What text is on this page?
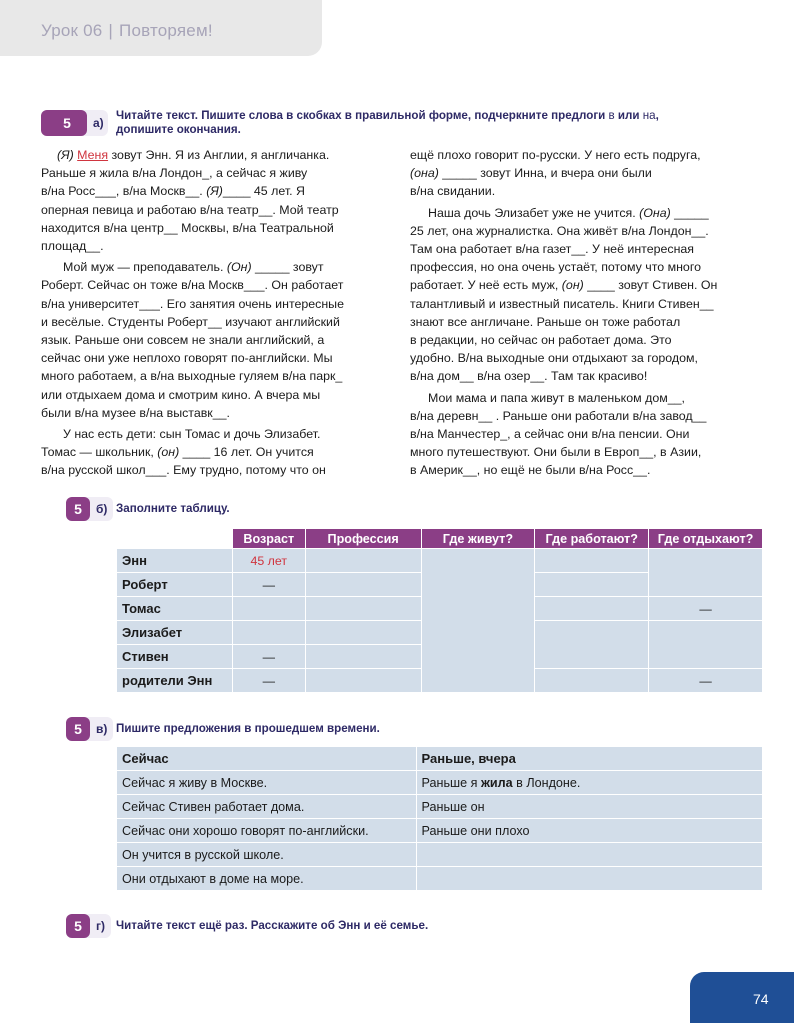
Урок 06 | Повторяем!
5	а)
Читайте текст. Пишите слова в скобках в правильной форме, подчеркните предлоги в или на,
допишите окончания.
(Я) Меня зовут Энн. Я из Англии, я англичанка.
Раньше я жила в/на Лондон_, а сейчас я живу
в/на Росс___, в/на Москв__. (Я)____ 45 лет. Я
оперная певица и работаю в/на театр__. Мой театр
находится в/на центр__ Москвы, в/на Театральной
площад__.
Мой муж — преподаватель. (Он) _____ зовут
Роберт. Сейчас он тоже в/на Москв___. Он работает
в/на университет___. Его занятия очень интересные
и весёлые. Студенты Роберт__ изучают английский
язык. Раньше они совсем не знали английский, а
сейчас они уже неплохо говорят по-английски. Мы
много работаем, а в/на выходные гуляем в/на парк_
или отдыхаем дома и смотрим кино. А вчера мы
были в/на музее в/на выставк__.
У нас есть дети: сын Томас и дочь Элизабет.
Томас — школьник, (он) ____ 16 лет. Он учится
в/на русской школ___. Ему трудно, потому что он
ещё плохо говорит по-русски. У него есть подруга,
(она) _____ зовут Инна, и вчера они были
в/на свидании.
Наша дочь Элизабет уже не учится. (Она) _____
25 лет, она журналистка. Она живёт в/на Лондон__.
Там она работает в/на газет__. У неё интересная
профессия, но она очень устаёт, потому что много
работает. У неё есть муж, (он) ____ зовут Стивен. Он
талантливый и известный писатель. Книги Стивен__
знают все англичане. Раньше он тоже работал
в редакции, но сейчас он работает дома. Это
удобно. В/на выходные они отдыхают за городом,
в/на дом__ в/на озер__. Там так красиво!
Мои мама и папа живут в маленьком дом__,
в/на деревн__ . Раньше они работали в/на завод__
в/на Манчестер_, а сейчас они в/на пенсии. Они
много путешествуют. Они были в Европ__, в Азии,
в Америк__, но ещё не были в/на Росс__.
5	б) Заполните таблицу.
	Возраст	Профессия	Где живут?	Где работают?	Где отдыхают?
Энн	45 лет				
Роберт	—				
Томас					—
Элизабет					
Стивен	—				
родители Энн	—				—
5	в) Пишите предложения в прошедшем времени.
Сейчас	Раньше, вчера
Сейчас я живу в Москве.	Раньше я жила в Лондоне.
Сейчас Стивен работает дома.	Раньше он
Сейчас они хорошо говорят по-английски.	Раньше они плохо
Он учится в русской школе.	
Они отдыхают в доме на море.	
5	г) Читайте текст ещё раз. Расскажите об Энн и её семье.
74
